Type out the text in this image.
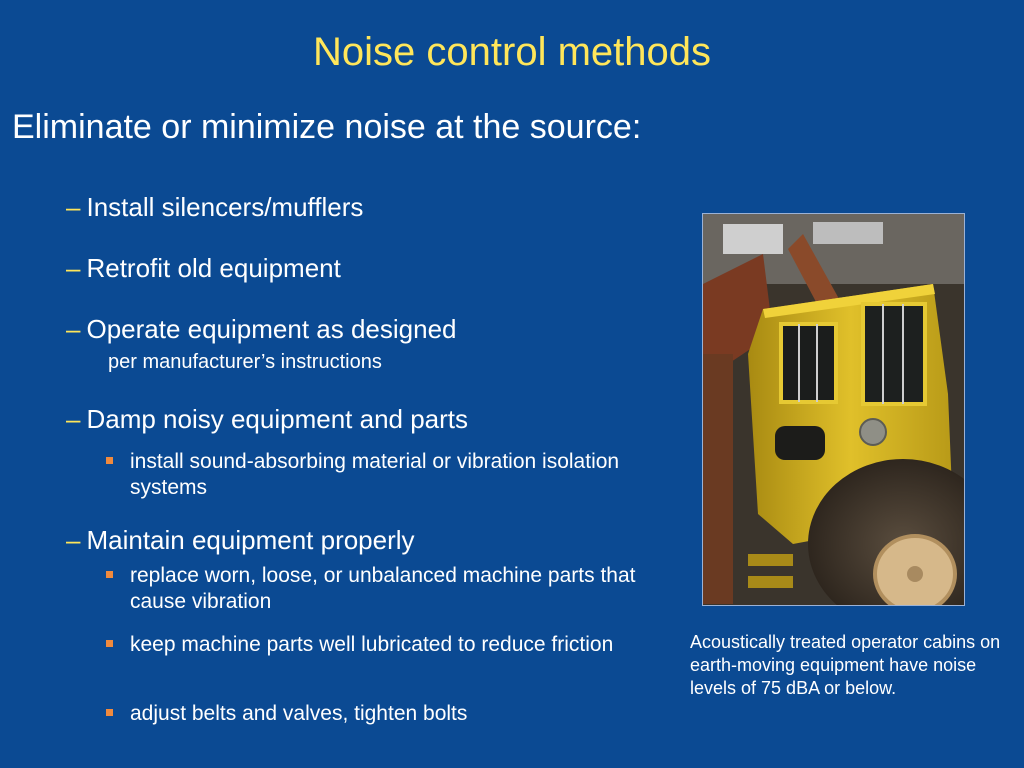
Noise control methods
Eliminate or minimize noise at the source:
– Install silencers/mufflers
– Retrofit old equipment
– Operate equipment as designed
per manufacturer’s instructions
– Damp noisy equipment and parts
install sound-absorbing material or vibration isolation systems
– Maintain equipment properly
replace worn, loose, or unbalanced machine parts that cause vibration
keep machine parts well lubricated to reduce friction
adjust belts and valves, tighten bolts
Acoustically treated operator cabins on earth-moving equipment have noise levels of 75 dBA or below.
